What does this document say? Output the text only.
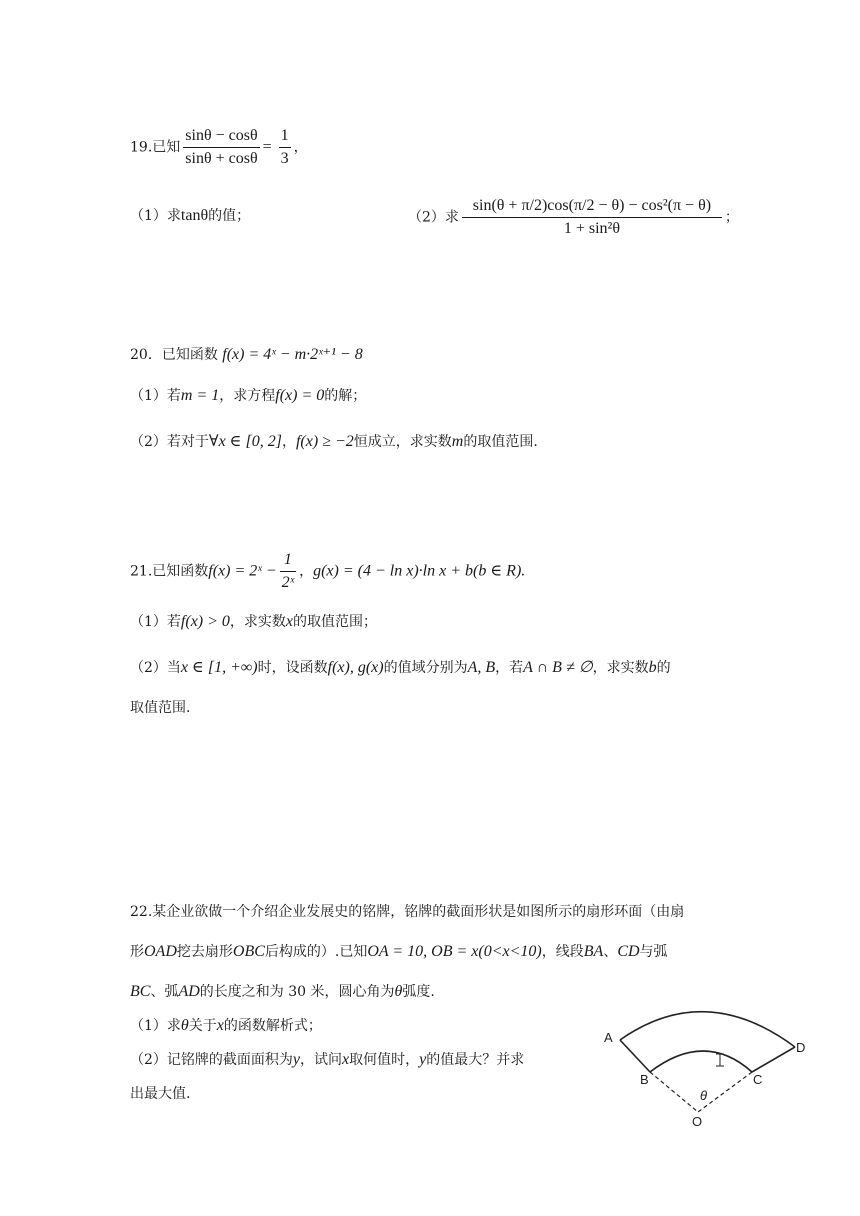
19.已知 $\frac{\sin\theta - \cos\theta}{\sin\theta + \cos\theta} = \frac{1}{3}$ ，
（1）求tanθ的值；	（2）求 $\frac{\text{sin(θ + π/2)cos(π/2 − θ) − cos²(π − θ)}}{\text{1 + sin²θ}}$ ；
20．已知函数 f(x) = 4ˣ − m·2ˣ⁺¹ − 8
（1）若m = 1，求方程f(x) = 0的解；
（2）若对于∀x ∈ [0, 2]，f(x) ≥ −2恒成立，求实数m的取值范围.
21.已知函数f(x) = 2ˣ − $\frac{1}{\text{2ˣ}}$ ，g(x) = (4 − ln x)·ln x + b(b ∈ R).
（1）若f(x) > 0，求实数x的取值范围；
（2）当x ∈ [1, +∞)时，设函数f(x), g(x)的值域分别为A, B，若A ∩ B ≠ ∅，求实数b的
取值范围.
22.某企业欲做一个介绍企业发展史的铭牌，铭牌的截面形状是如图所示的扇形环面（由扇
形OAD挖去扇形OBC后构成的）.已知OA = 10, OB = x(0<x<10)，线段BA、CD与弧
BC、弧AD的长度之和为 30 米，圆心角为θ弧度.
（1）求θ关于x的函数解析式；
（2）记铭牌的截面面积为y，试问x取何值时，y的值最大？并求
出最大值.
A
B	C
D
O
θ
